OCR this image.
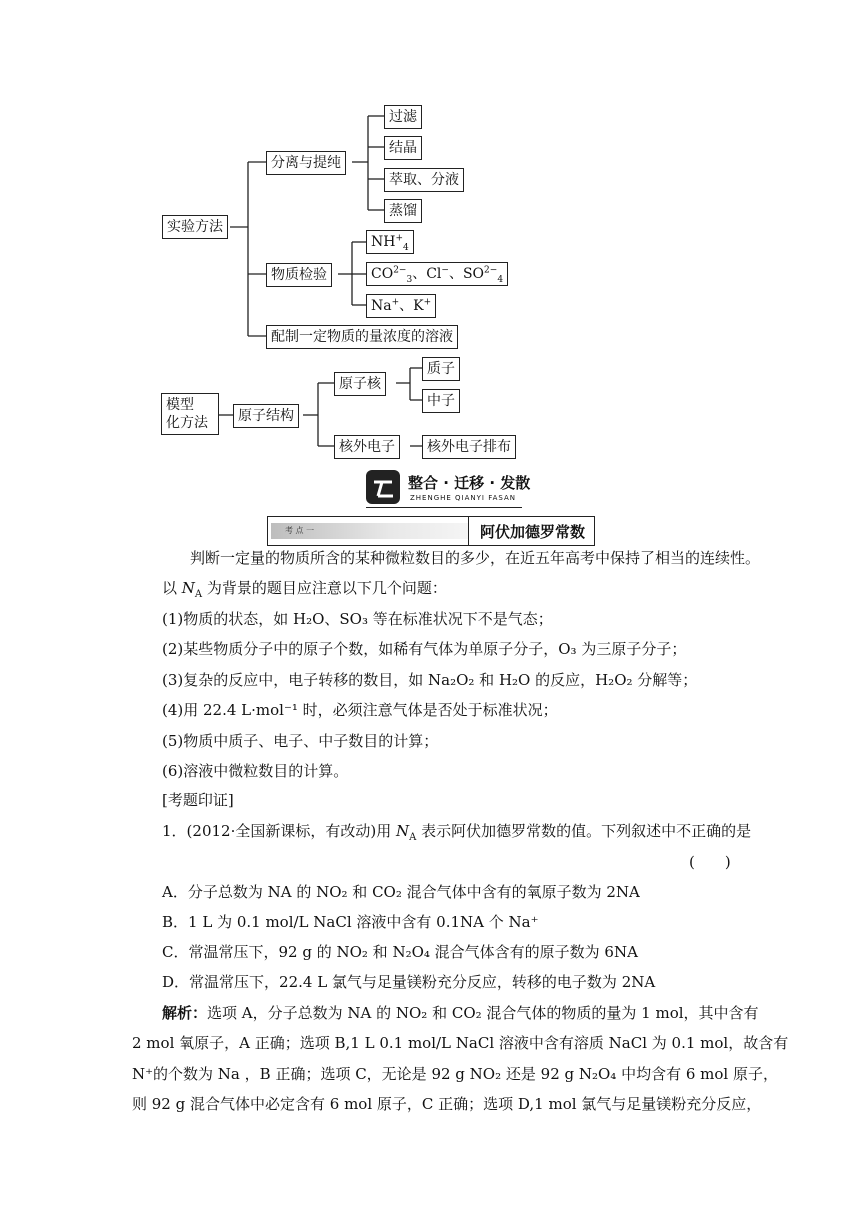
实验方法
分离与提纯
过滤
结晶
萃取、分液
蒸馏
物质检验
$NH^+_4$
$CO^{2-}_3$、Cl−、$SO^{2-}_4$
Na+、K+
配制一定物质的量浓度的溶液
模型
化方法	原子结构
原子核
质子
中子
核外电子	核外电子排布
整合 · 迁移 · 发散
ZHENGHE QIANYI FASAN
考 点 一	阿伏加德罗常数
判断一定量的物质所含的某种微粒数目的多少，在近五年高考中保持了相当的连续性。
以 $N_A$ 为背景的题目应注意以下几个问题：
(1)物质的状态，如 H₂O、SO₃ 等在标准状况下不是气态；
(2)某些物质分子中的原子个数，如稀有气体为单原子分子，O₃ 为三原子分子；
(3)复杂的反应中，电子转移的数目，如 Na₂O₂ 和 H₂O 的反应，H₂O₂ 分解等；
(4)用 22.4 L·mol⁻¹ 时，必须注意气体是否处于标准状况；
(5)物质中质子、电子、中子数目的计算；
(6)溶液中微粒数目的计算。
[考题印证]
1．(2012·全国新课标，有改动)用 $N_A$ 表示阿伏加德罗常数的值。下列叙述中不正确的是
(　　)
A．分子总数为 NA 的 NO₂ 和 CO₂ 混合气体中含有的氧原子数为 2NA
B．1 L 为 0.1 mol/L NaCl 溶液中含有 0.1NA 个 Na⁺
C．常温常压下，92 g 的 NO₂ 和 N₂O₄ 混合气体含有的原子数为 6NA
D．常温常压下，22.4 L 氯气与足量镁粉充分反应，转移的电子数为 2NA
解析：选项 A，分子总数为 NA 的 NO₂ 和 CO₂ 混合气体的物质的量为 1 mol，其中含有
2 mol 氧原子，A 正确；选项 B,1 L 0.1 mol/L NaCl 溶液中含有溶质 NaCl 为 0.1 mol，故含有
N⁺的个数为 Na ，B 正确；选项 C，无论是 92 g NO₂ 还是 92 g N₂O₄ 中均含有 6 mol 原子，
则 92 g 混合气体中必定含有 6 mol 原子，C 正确；选项 D,1 mol 氯气与足量镁粉充分反应，
